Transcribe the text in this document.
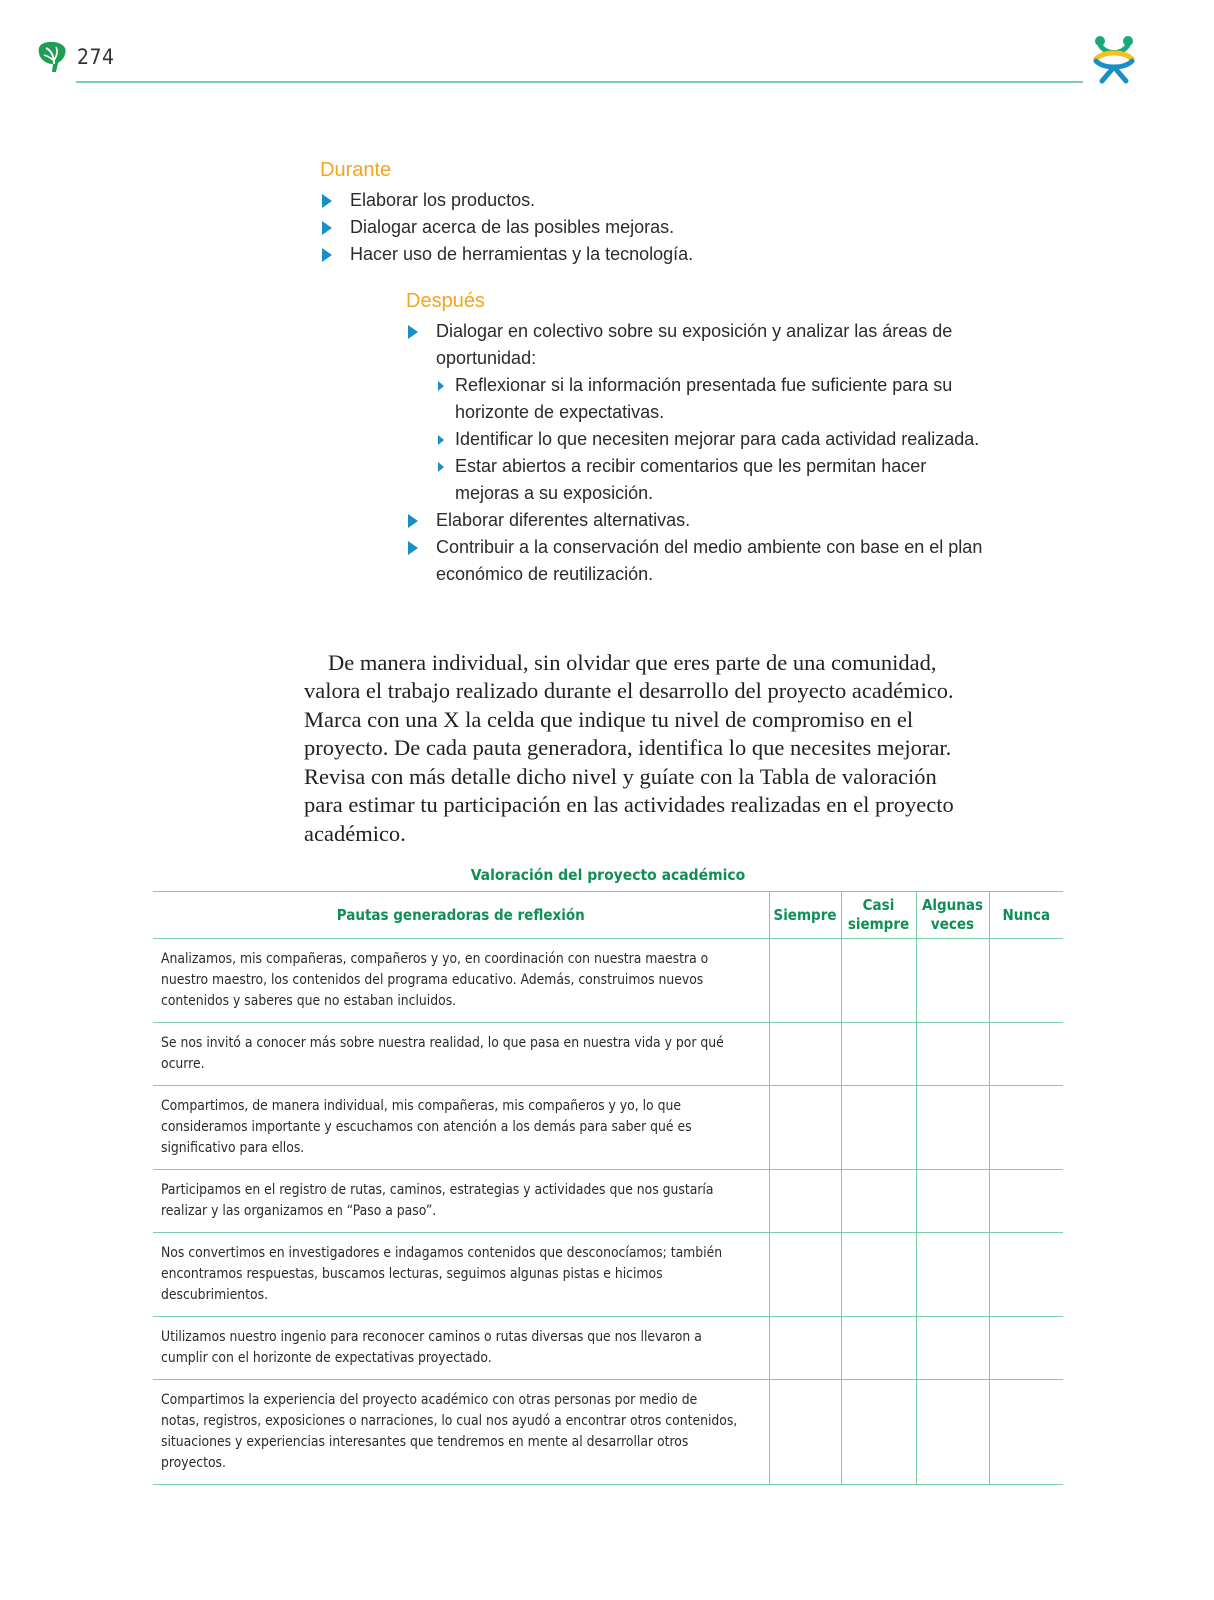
274
Durante
Elaborar los productos.
Dialogar acerca de las posibles mejoras.
Hacer uso de herramientas y la tecnología.
Después
Dialogar en colectivo sobre su exposición y analizar las áreas de oportunidad:
Reflexionar si la información presentada fue suficiente para su horizonte de expectativas.
Identificar lo que necesiten mejorar para cada actividad realizada.
Estar abiertos a recibir comentarios que les permitan hacer mejoras a su exposición.
Elaborar diferentes alternativas.
Contribuir a la conservación del medio ambiente con base en el plan económico de reutilización.

De manera individual, sin olvidar que eres parte de una comunidad, valora el trabajo realizado durante el desarrollo del proyecto académico. Marca con una X la celda que indique tu nivel de compromiso en el proyecto. De cada pauta generadora, identifica lo que necesites mejorar. Revisa con más detalle dicho nivel y guíate con la Tabla de valoración para estimar tu participación en las actividades realizadas en el proyecto académico.

Valoración del proyecto académico
Pautas generadoras de reflexión	Siempre	Casi siempre	Algunas veces	Nunca
Analizamos, mis compañeras, compañeros y yo, en coordinación con nuestra maestra o nuestro maestro, los contenidos del programa educativo. Además, construimos nuevos contenidos y saberes que no estaban incluidos.				
Se nos invitó a conocer más sobre nuestra realidad, lo que pasa en nuestra vida y por qué ocurre.				
Compartimos, de manera individual, mis compañeras, mis compañeros y yo, lo que consideramos importante y escuchamos con atención a los demás para saber qué es significativo para ellos.				
Participamos en el registro de rutas, caminos, estrategias y actividades que nos gustaría realizar y las organizamos en “Paso a paso”.				
Nos convertimos en investigadores e indagamos contenidos que desconocíamos; también encontramos respuestas, buscamos lecturas, seguimos algunas pistas e hicimos descubrimientos.				
Utilizamos nuestro ingenio para reconocer caminos o rutas diversas que nos llevaron a cumplir con el horizonte de expectativas proyectado.				
Compartimos la experiencia del proyecto académico con otras personas por medio de notas, registros, exposiciones o narraciones, lo cual nos ayudó a encontrar otros contenidos, situaciones y experiencias interesantes que tendremos en mente al desarrollar otros proyectos.				
